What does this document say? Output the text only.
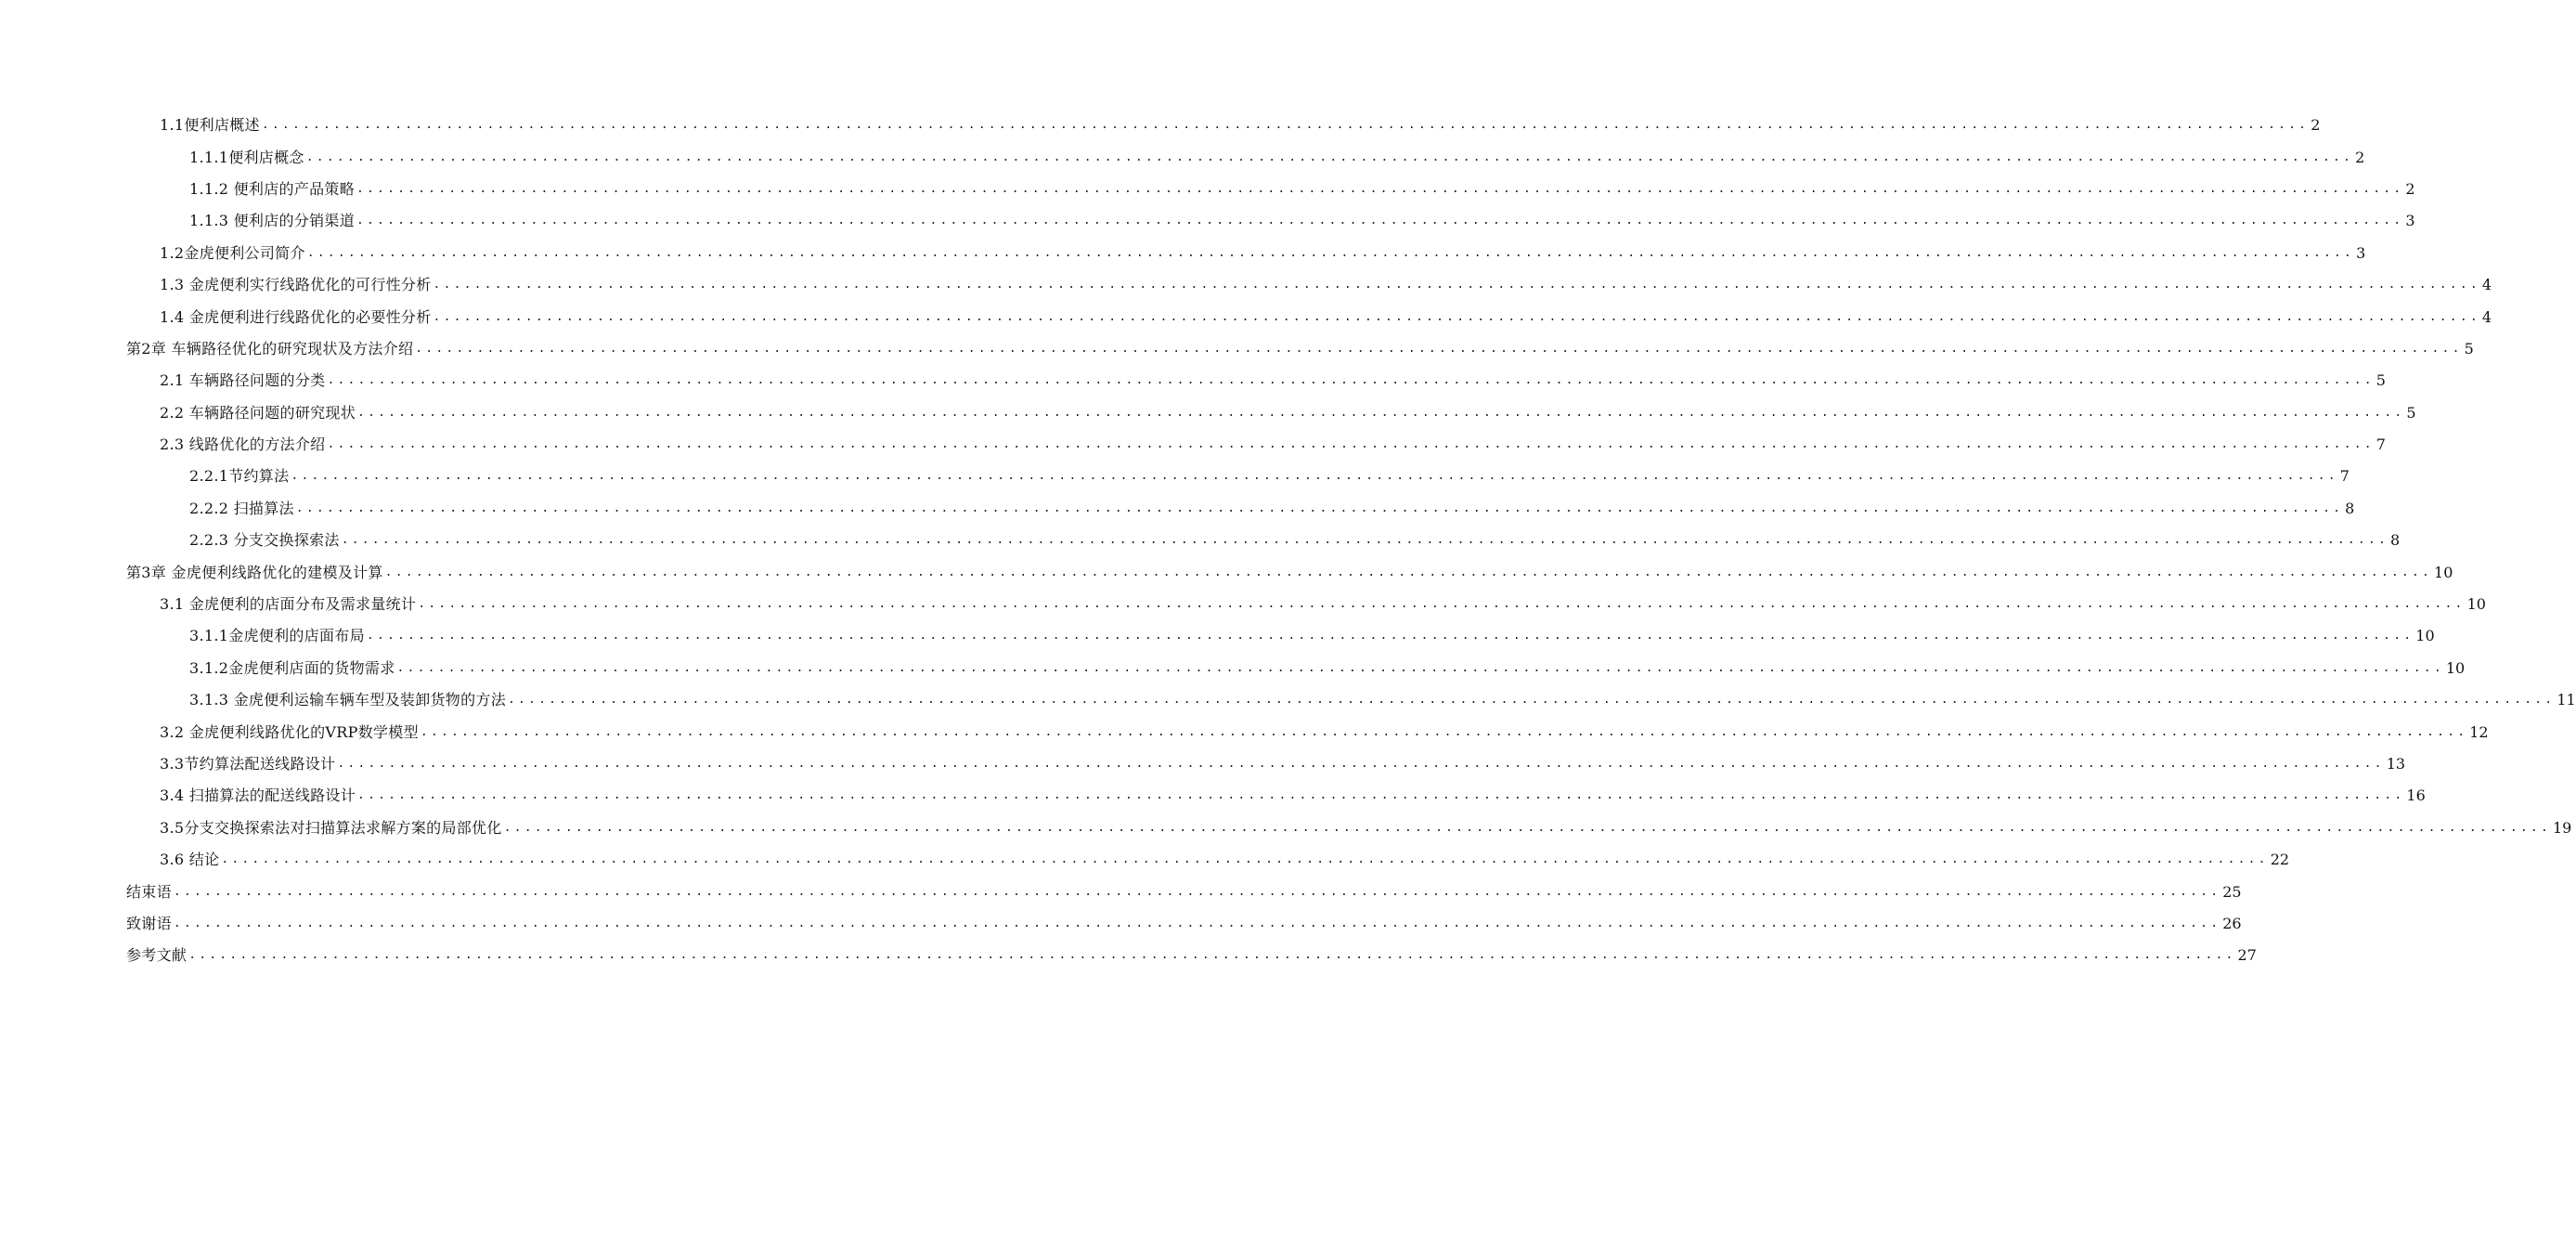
1.1便利店概述 ........................................................................................................................................................................................................ 2
1.1.1便利店概念 ........................................................................................................................................................................................................ 2
1.1.2 便利店的产品策略 ........................................................................................................................................................................................................ 2
1.1.3 便利店的分销渠道 ........................................................................................................................................................................................................ 3
1.2金虎便利公司简介 ........................................................................................................................................................................................................ 3
1.3 金虎便利实行线路优化的可行性分析 ........................................................................................................................................................................................................ 4
1.4 金虎便利进行线路优化的必要性分析 ........................................................................................................................................................................................................ 4
第2章 车辆路径优化的研究现状及方法介绍 ........................................................................................................................................................................................................ 5
2.1 车辆路径问题的分类 ........................................................................................................................................................................................................ 5
2.2 车辆路径问题的研究现状 ........................................................................................................................................................................................................ 5
2.3 线路优化的方法介绍 ........................................................................................................................................................................................................ 7
2.2.1节约算法 ........................................................................................................................................................................................................ 7
2.2.2 扫描算法 ........................................................................................................................................................................................................ 8
2.2.3 分支交换探索法 ........................................................................................................................................................................................................ 8
第3章 金虎便利线路优化的建模及计算 ........................................................................................................................................................................................................ 10
3.1 金虎便利的店面分布及需求量统计 ........................................................................................................................................................................................................ 10
3.1.1金虎便利的店面布局 ........................................................................................................................................................................................................ 10
3.1.2金虎便利店面的货物需求 ........................................................................................................................................................................................................ 10
3.1.3 金虎便利运输车辆车型及装卸货物的方法 ........................................................................................................................................................................................................ 11
3.2 金虎便利线路优化的VRP数学模型 ........................................................................................................................................................................................................ 12
3.3节约算法配送线路设计 ........................................................................................................................................................................................................ 13
3.4 扫描算法的配送线路设计 ........................................................................................................................................................................................................ 16
3.5分支交换探索法对扫描算法求解方案的局部优化 ........................................................................................................................................................................................................ 19
3.6 结论 ........................................................................................................................................................................................................ 22
结束语 ........................................................................................................................................................................................................ 25
致谢语 ........................................................................................................................................................................................................ 26
参考文献 ........................................................................................................................................................................................................ 27
